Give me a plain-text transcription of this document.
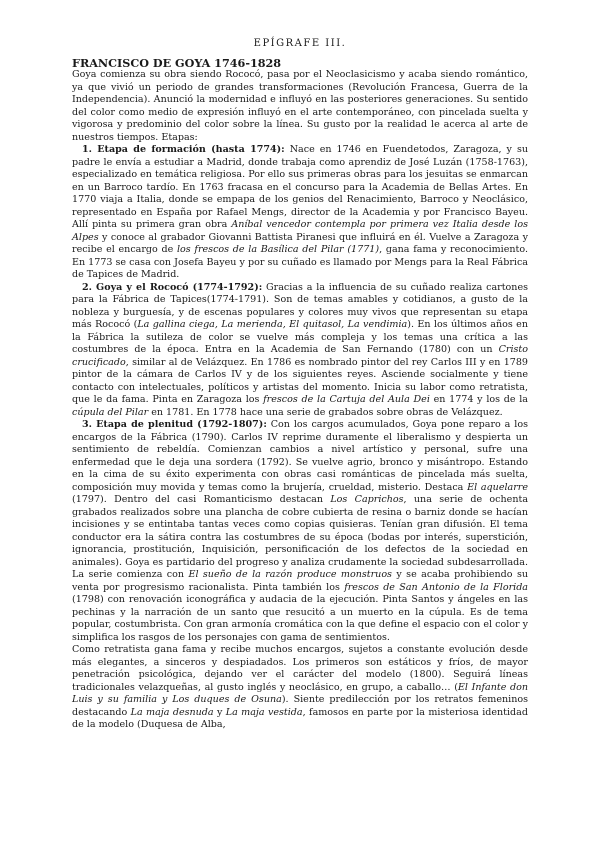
EPÍGRAFE III.
FRANCISCO DE GOYA 1746-1828

Goya comienza su obra siendo Rococó, pasa por el Neoclasicismo y acaba siendo romántico, ya que vivió un periodo de grandes transformaciones (Revolución Francesa, Guerra de la Independencia). Anunció la modernidad e influyó en las posteriores generaciones. Su sentido del color como medio de expresión influyó en el arte contemporáneo, con pincelada suelta y vigorosa y predominio del color sobre la línea. Su gusto por la realidad le acerca al arte de nuestros tiempos. Etapas:

1. Etapa de formación (hasta 1774): Nace en 1746 en Fuendetodos, Zaragoza, y su padre le envía a estudiar a Madrid, donde trabaja como aprendiz de José Luzán (1758-1763), especializado en temática religiosa. Por ello sus primeras obras para los jesuitas se enmarcan en un Barroco tardío. En 1763 fracasa en el concurso para la Academia de Bellas Artes. En 1770 viaja a Italia, donde se empapa de los genios del Renacimiento, Barroco y Neoclásico, representado en España por Rafael Mengs, director de la Academia y por Francisco Bayeu. Allí pinta su primera gran obra Aníbal vencedor contempla por primera vez Italia desde los Alpes y conoce al grabador Giovanni Battista Piranesi que influirá en él. Vuelve a Zaragoza y recibe el encargo de los frescos de la Basílica del Pilar (1771), gana fama y reconocimiento. En 1773 se casa con Josefa Bayeu y por su cuñado es llamado por Mengs para la Real Fábrica de Tapices de Madrid.

2. Goya y el Rococó (1774-1792): Gracias a la influencia de su cuñado realiza cartones para la Fábrica de Tapices(1774-1791). Son de temas amables y cotidianos, a gusto de la nobleza y burguesía, y de escenas populares y colores muy vivos que representan su etapa más Rococó (La gallina ciega, La merienda, El quitasol, La vendimia). En los últimos años en la Fábrica la sutileza de color se vuelve más compleja y los temas una crítica a las costumbres de la época. Entra en la Academia de San Fernando (1780) con un Cristo crucificado, similar al de Velázquez. En 1786 es nombrado pintor del rey Carlos III y en 1789 pintor de la cámara de Carlos IV y de los siguientes reyes. Asciende socialmente y tiene contacto con intelectuales, políticos y artistas del momento. Inicia su labor como retratista, que le da fama. Pinta en Zaragoza los frescos de la Cartuja del Aula Dei en 1774 y los de la cúpula del Pilar en 1781. En 1778 hace una serie de grabados sobre obras de Velázquez.

3. Etapa de plenitud (1792-1807): Con los cargos acumulados, Goya pone reparo a los encargos de la Fábrica (1790). Carlos IV reprime duramente el liberalismo y despierta un sentimiento de rebeldía. Comienzan cambios a nivel artístico y personal, sufre una enfermedad que le deja una sordera (1792). Se vuelve agrio, bronco y misántropo. Estando en la cima de su éxito experimenta con obras casi románticas de pincelada más suelta, composición muy movida y temas como la brujería, crueldad, misterio. Destaca El aquelarre (1797). Dentro del casi Romanticismo destacan Los Caprichos, una serie de ochenta grabados realizados sobre una plancha de cobre cubierta de resina o barniz donde se hacían incisiones y se entintaba tantas veces como copias quisieras. Tenían gran difusión. El tema conductor era la sátira contra las costumbres de su época (bodas por interés, superstición, ignorancia, prostitución, Inquisición, personificación de los defectos de la sociedad en animales). Goya es partidario del progreso y analiza crudamente la sociedad subdesarrollada. La serie comienza con El sueño de la razón produce monstruos y se acaba prohibiendo su venta por progresismo racionalista. Pinta también los frescos de San Antonio de la Florida (1798) con renovación iconográfica y audacia de la ejecución. Pinta Santos y ángeles en las pechinas y la narración de un santo que resucitó a un muerto en la cúpula. Es de tema popular, costumbrista. Con gran armonía cromática con la que define el espacio con el color y simplifica los rasgos de los personajes con gama de sentimientos.

Como retratista gana fama y recibe muchos encargos, sujetos a constante evolución desde más elegantes, a sinceros y despiadados. Los primeros son estáticos y fríos, de mayor penetración psicológica, dejando ver el carácter del modelo (1800). Seguirá líneas tradicionales velazqueñas, al gusto inglés y neoclásico, en grupo, a caballo… (El Infante don Luis y su familia y Los duques de Osuna). Siente predilección por los retratos femeninos destacando La maja desnuda y La maja vestida, famosos en parte por la misteriosa identidad de la modelo (Duquesa de Alba,
